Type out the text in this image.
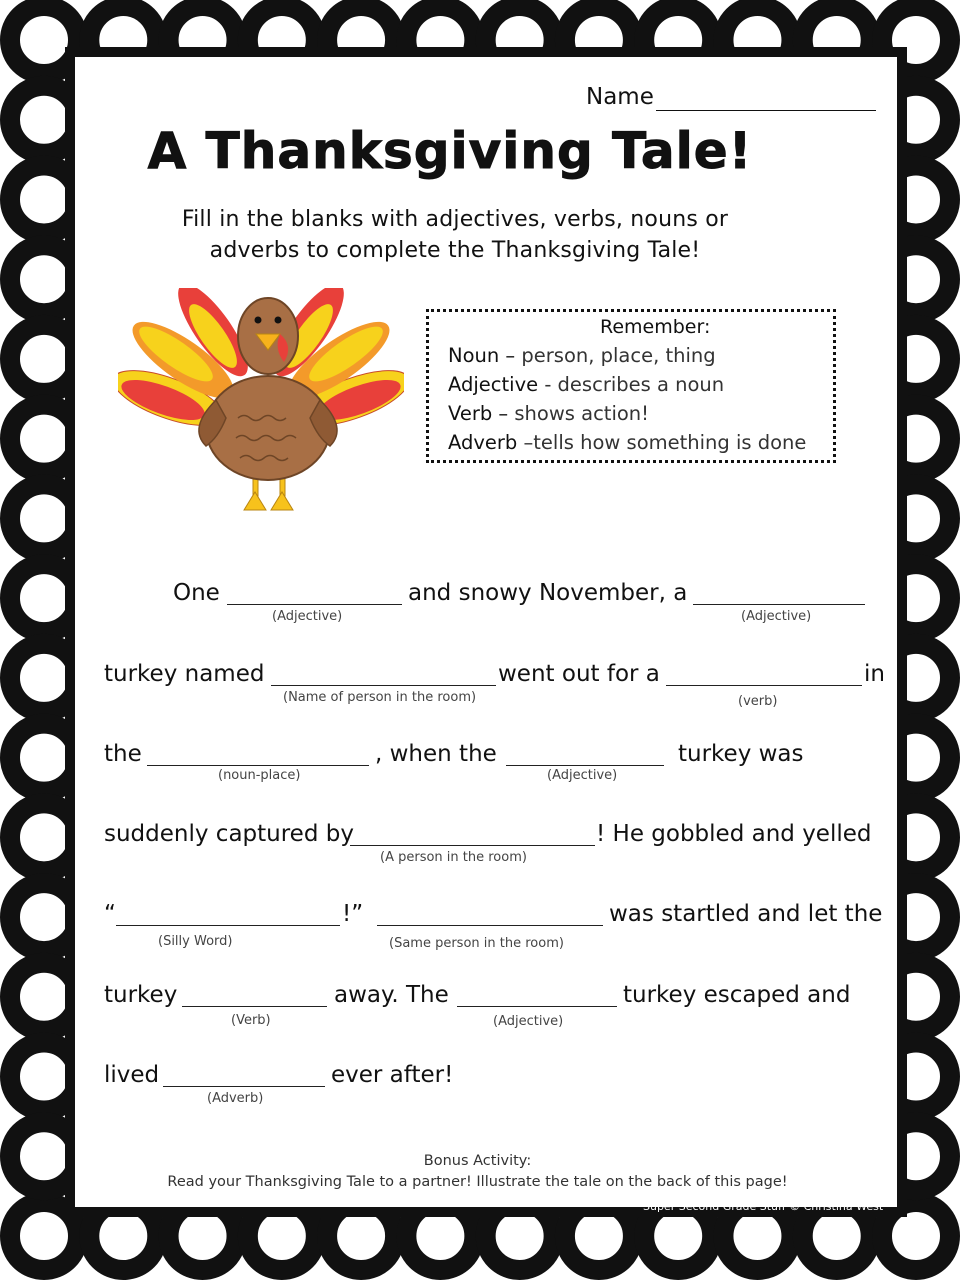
Name
A Thanksgiving Tale!
Fill in the blanks with adjectives, verbs, nouns or
adverbs to complete the Thanksgiving Tale!
Remember:
Noun – person, place, thing
Adjective - describes a noun
Verb – shows action!
Adverb –tells how something is done
One	and snowy November, a
(Adjective)	(Adjective)
turkey named	went out for a	in
(Name of person in the room)	(verb)
the	, when the	turkey was
(noun-place)	(Adjective)
suddenly captured by	! He gobbled and yelled
(A person in the room)
“	!”	was startled and let the
(Silly Word)	(Same person in the room)
turkey	away. The	turkey escaped and
(Verb)	(Adjective)
lived	ever after!
(Adverb)
Bonus Activity:
Read your Thanksgiving Tale to a partner! Illustrate the tale on the back of this page!
Super Second Grade Stuff © Christina West
